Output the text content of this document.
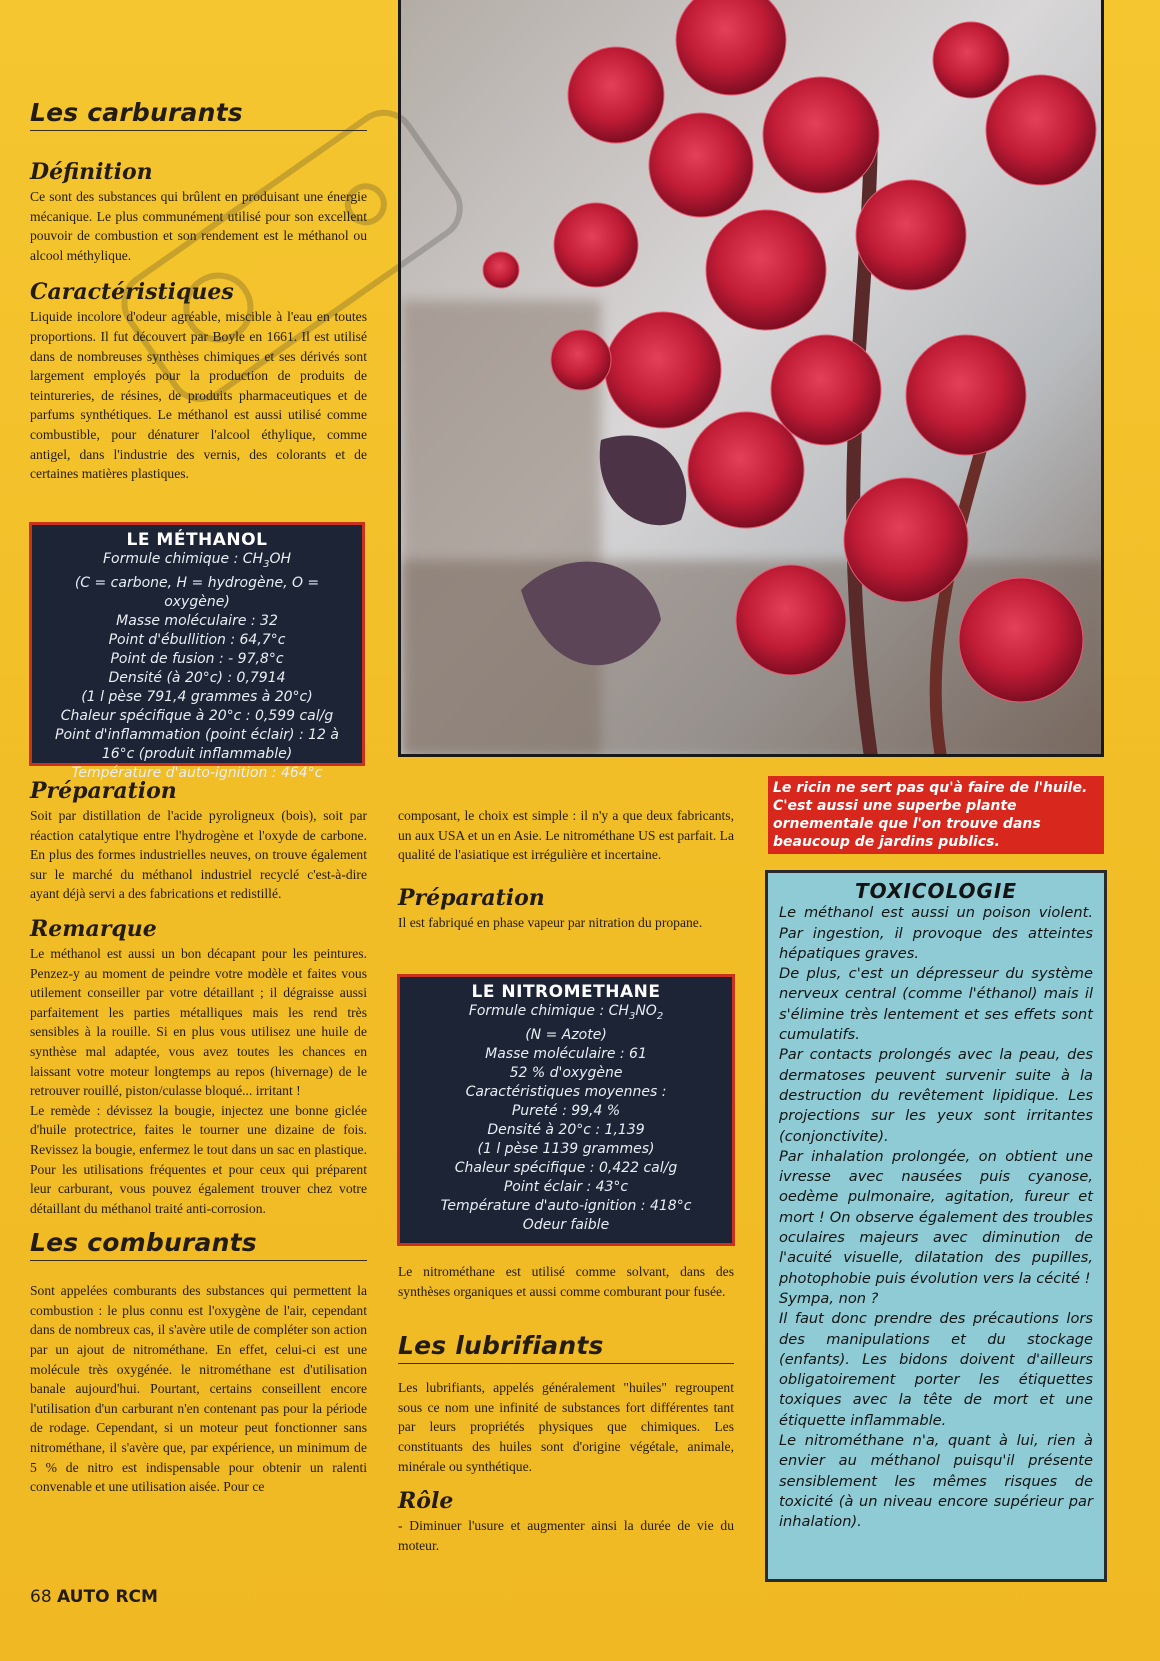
Les carburants
Définition

Ce sont des substances qui brûlent en produisant une énergie mécanique. Le plus communément utilisé pour son excellent pouvoir de combustion et son rendement est le méthanol ou alcool méthylique.

Caractéristiques

Liquide incolore d'odeur agréable, miscible à l'eau en toutes proportions. Il fut découvert par Boyle en 1661. Il est utilisé dans de nombreuses synthèses chimiques et ses dérivés sont largement employés pour la production de produits de teintureries, de résines, de produits pharmaceutiques et de parfums synthétiques. Le méthanol est aussi utilisé comme combustible, pour dénaturer l'alcool éthylique, comme antigel, dans l'industrie des vernis, des colorants et de certaines matières plastiques.

LE MÉTHANOL
Formule chimique : $CH_3OH$
(C = carbone, H = hydrogène, O = oxygène)
Masse moléculaire : 32
Point d'ébullition : 64,7°c
Point de fusion : - 97,8°c
Densité (à 20°c) : 0,7914
(1 l pèse 791,4 grammes à 20°c)
Chaleur spécifique à 20°c : 0,599 cal/g
Point d'inflammation (point éclair) : 12 à 16°c (produit inflammable)
Température d'auto-ignition : 464°c
Préparation

Soit par distillation de l'acide pyroligneux (bois), soit par réaction catalytique entre l'hydrogène et l'oxyde de carbone. En plus des formes industrielles neuves, on trouve également sur le marché du méthanol industriel recyclé c'est-à-dire ayant déjà servi a des fabrications et redistillé.

Remarque

Le méthanol est aussi un bon décapant pour les peintures. Penzez-y au moment de peindre votre modèle et faites vous utilement conseiller par votre détaillant ; il dégraisse aussi parfaitement les parties métalliques mais les rend très sensibles à la rouille. Si en plus vous utilisez une huile de synthèse mal adaptée, vous avez toutes les chances en laissant votre moteur longtemps au repos (hivernage) de le retrouver rouillé, piston/culasse bloqué... irritant !

Le remède : dévissez la bougie, injectez une bonne giclée d'huile protectrice, faites le tourner une dizaine de fois. Revissez la bougie, enfermez le tout dans un sac en plastique. Pour les utilisations fréquentes et pour ceux qui préparent leur carburant, vous pouvez également trouver chez votre détaillant du méthanol traité anti-corrosion.

Les comburants

Sont appelées comburants des substances qui permettent la combustion : le plus connu est l'oxygène de l'air, cependant dans de nombreux cas, il s'avère utile de compléter son action par un ajout de nitrométhane. En effet, celui-ci est une molécule très oxygénée. le nitrométhane est d'utilisation banale aujourd'hui. Pourtant, certains conseillent encore l'utilisation d'un carburant n'en contenant pas pour la période de rodage. Cependant, si un moteur peut fonctionner sans nitrométhane, il s'avère que, par expérience, un minimum de 5 % de nitro est indispensable pour obtenir un ralenti convenable et une utilisation aisée. Pour ce

Le ricin ne sert pas qu'à faire de l'huile. C'est aussi une superbe plante ornementale que l'on trouve dans beaucoup de jardins publics.

composant, le choix est simple : il n'y a que deux fabricants, un aux USA et un en Asie. Le nitrométhane US est parfait. La qualité de l'asiatique est irrégulière et incertaine.

Préparation

Il est fabriqué en phase vapeur par nitration du propane.

LE NITROMETHANE
Formule chimique : $CH_3NO_2$
(N = Azote)
Masse moléculaire : 61
52 % d'oxygène
Caractéristiques moyennes :
Pureté : 99,4 %
Densité à 20°c : 1,139
(1 l pèse 1139 grammes)
Chaleur spécifique : 0,422 cal/g
Point éclair : 43°c
Température d'auto-ignition : 418°c
Odeur faible

Le nitrométhane est utilisé comme solvant, dans des synthèses organiques et aussi comme comburant pour fusée.

Les lubrifiants

Les lubrifiants, appelés généralement "huiles" regroupent sous ce nom une infinité de substances fort différentes tant par leurs propriétés physiques que chimiques. Les constituants des huiles sont d'origine végétale, animale, minérale ou synthétique.

Rôle

- Diminuer l'usure et augmenter ainsi la durée de vie du moteur.

TOXICOLOGIE

Le méthanol est aussi un poison violent. Par ingestion, il provoque des atteintes hépatiques graves.

De plus, c'est un dépresseur du système nerveux central (comme l'éthanol) mais il s'élimine très lentement et ses effets sont cumulatifs.

Par contacts prolongés avec la peau, des dermatoses peuvent survenir suite à la destruction du revêtement lipidique. Les projections sur les yeux sont irritantes (conjonctivite).

Par inhalation prolongée, on obtient une ivresse avec nausées puis cyanose, oedème pulmonaire, agitation, fureur et mort ! On observe également des troubles oculaires majeurs avec diminution de l'acuité visuelle, dilatation des pupilles, photophobie puis évolution vers la cécité !

Sympa, non ?

Il faut donc prendre des précautions lors des manipulations et du stockage (enfants). Les bidons doivent d'ailleurs obligatoirement porter les étiquettes toxiques avec la tête de mort et une étiquette inflammable.

Le nitrométhane n'a, quant à lui, rien à envier au méthanol puisqu'il présente sensiblement les mêmes risques de toxicité (à un niveau encore supérieur par inhalation).

68 AUTO RCM
